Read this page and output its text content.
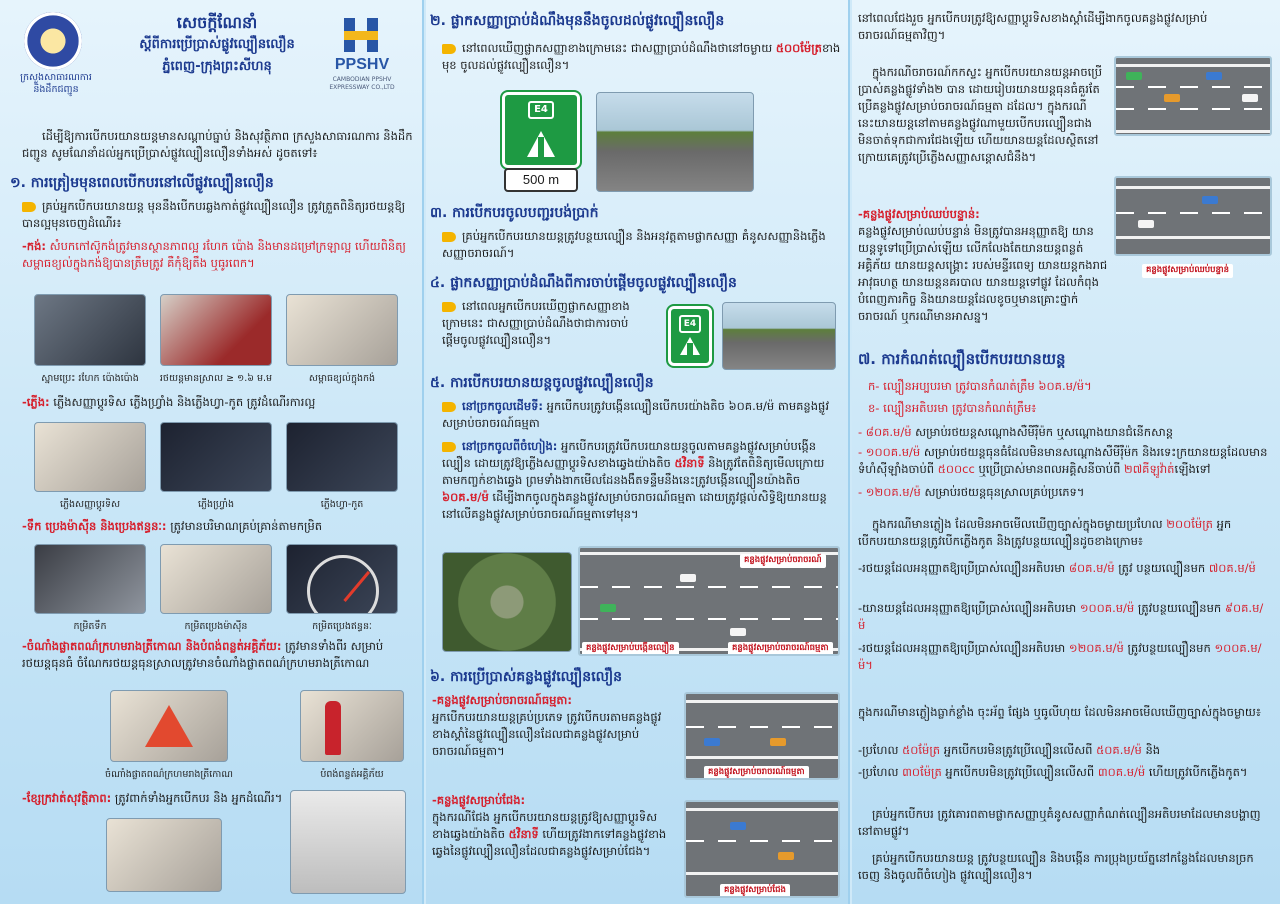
ក្រសួងសាធារណការ
និងដឹកជញ្ជូន
សេចក្តីណែនាំ
ស្តីពីការប្រើប្រាស់ផ្លូវល្បឿនលឿន
ភ្នំពេញ-ក្រុងព្រះសីហនុ	PPSHV
CAMBODIAN PPSHV EXPRESSWAY CO.,LTD

ដើម្បីឱ្យការបើកបរយានយន្តមានសណ្តាប់ធ្នាប់ និងសុវត្ថិភាព ក្រសួងសាធារណការ និងដឹកជញ្ជូន សូមណែនាំដល់អ្នកប្រើប្រាស់ផ្លូវល្បឿនលឿនទាំងអស់ ដូចតទៅ៖

១. ការត្រៀមមុនពេលបើកបរនៅលើផ្លូវល្បឿនលឿន

គ្រប់អ្នកបើកបរយានយន្ត មុននឹងបើកបរឆ្លងកាត់ផ្លូវល្បឿនលឿន ត្រូវត្រួតពិនិត្យរថយន្តឱ្យបានល្អមុនចេញដំណើរ៖

-កង់: សំបកកៅស៊ូកង់ត្រូវមានស្ថានភាពល្អ រហែក ប៉ោង និងមានដម្រៅក្រឡាល្អ ហើយពិនិត្យសម្ពាធខ្យល់ក្នុងកង់ឱ្យបានត្រឹមត្រូវ គឺកុំឱ្យតឹង ឬធូរពេក។

ស្នាមប្រេះ រហែក ប៉ោងប៉ោង	រថយន្តមានស្រាល ≥ ១.៦ ម.ម	សម្ពាធខ្យល់ក្នុងកង់

-ភ្លើង: ភ្លើងសញ្ញាប្តូរទិស ភ្លើងហ្វ្រាំង និងភ្លើងហ្វា-កូត ត្រូវដំណើរការល្អ

ភ្លើងសញ្ញាប្តូរទិស	ភ្លើងហ្វ្រាំង	ភ្លើងហ្វា-កូត

-ទឹក ប្រេងម៉ាស៊ីន និងប្រេងឥន្ធនៈ: ត្រូវមានបរិមាណគ្រប់គ្រាន់តាមកម្រិត

កម្រិតទឹក	កម្រិតប្រេងម៉ាស៊ីន	កម្រិតប្រេងឥន្ធនៈ

-ចំណាំងផ្លាតពណ៌ក្រហមរាងត្រីកោណ និងបំពង់ពន្លត់អគ្គិភ័យ: ត្រូវមានទាំងពីរ សម្រាប់រថយន្តធុនធំ ចំណែករថយន្តធុនស្រាលត្រូវមានចំណាំងផ្លាតពណ៌ក្រហមរាងត្រីកោណ

ចំណាំងផ្លាតពណ៌ក្រហមរាងត្រីកោណ	បំពង់ពន្លត់អគ្គិភ័យ

-ខ្សែក្រវាត់សុវត្ថិភាព: ត្រូវពាក់ទាំងអ្នកបើកបរ និង អ្នកដំណើរ។

២. ផ្លាកសញ្ញាប្រាប់ដំណឹងមុននឹងចូលដល់ផ្លូវល្បឿនលឿន

នៅពេលឃើញផ្លាកសញ្ញាខាងក្រោមនេះ ជាសញ្ញាប្រាប់ដំណឹងថានៅចម្ងាយ ៥០០ម៉ែត្រខាងមុខ ចូលដល់ផ្លូវល្បឿនលឿន។

E4
500 m
៣. ការបើកបរចូលបញ្ជរបង់ប្រាក់

គ្រប់អ្នកបើកបរយានយន្តត្រូវបន្ថយល្បឿន និងអនុវត្តតាមផ្លាកសញ្ញា គំនូសសញ្ញានិងភ្លើងសញ្ញាចរាចរណ៍។

៤. ផ្លាកសញ្ញាប្រាប់ដំណឹងពីការចាប់ផ្តើមចូលផ្លូវល្បឿនលឿន

នៅពេលអ្នកបើកបរឃើញផ្លាកសញ្ញាខាងក្រោមនេះ ជាសញ្ញាប្រាប់ដំណឹងថាជាការចាប់ផ្តើមចូលផ្លូវល្បឿនលឿន។

E4
៥. ការបើកបរយានយន្តចូលផ្លូវល្បឿនលឿន

នៅច្រកចូលដើមទី: អ្នកបើកបរត្រូវបង្កើនល្បឿនបើកបរយ៉ាងតិច ៦០គ.ម/ម៉ តាមគន្លងផ្លូវសម្រាប់ចរាចរណ៍ធម្មតា

នៅច្រកចូលពីចំហៀង: អ្នកបើកបរត្រូវបើកបរយានយន្តចូលតាមគន្លងផ្លូវសម្រាប់បង្កើនល្បឿន ដោយត្រូវឱ្យភ្លើងសញ្ញាប្តូរទិសខាងឆ្វេងយ៉ាងតិច ៥វិនាទី និងត្រូវតែពិនិត្យមើលក្រោយតាមកញ្ចក់ខាងឆ្វេង ព្រមទាំងងាកមើលដែនងងឹតទន្ទឹមនឹងនេះត្រូវបង្កើនល្បឿនយ៉ាងតិច ៦០គ.ម/ម៉ ដើម្បីងាកចូលក្នុងគន្លងផ្លូវសម្រាប់ចរាចរណ៍ធម្មតា ដោយត្រូវផ្តល់សិទ្ធិឱ្យយានយន្តនៅលើគន្លងផ្លូវសម្រាប់ចរាចរណ៍ធម្មតាទៅមុន។

គន្លងផ្លូវសម្រាប់ចរាចរណ៍
គន្លងផ្លូវសម្រាប់បង្កើនល្បឿន	គន្លងផ្លូវសម្រាប់ចរាចរណ៍ធម្មតា
៦. ការប្រើប្រាស់គន្លងផ្លូវល្បឿនលឿន

-គន្លងផ្លូវសម្រាប់ចរាចរណ៍ធម្មតា:
អ្នកបើកបរយានយន្តគ្រប់ប្រភេទ ត្រូវបើកបរតាមគន្លងផ្លូវខាងស្តាំនៃផ្លូវល្បឿនលឿនដែលជាគន្លងផ្លូវសម្រាប់ចរាចរណ៍ធម្មតា។

គន្លងផ្លូវសម្រាប់ចរាចរណ៍ធម្មតា

-គន្លងផ្លូវសម្រាប់ជែង:
ក្នុងករណីជែង អ្នកបើកបរយានយន្តត្រូវឱ្យសញ្ញាប្តូរទិសខាងឆ្វេងយ៉ាងតិច ៥វិនាទី ហើយត្រូវងាកទៅគន្លងផ្លូវខាងឆ្វេងនៃផ្លូវល្បឿនលឿនដែលជាគន្លងផ្លូវសម្រាប់ជែង។

គន្លងផ្លូវសម្រាប់ជែង

នៅពេលជែងរួច អ្នកបើកបរត្រូវឱ្យសញ្ញាប្តូរទិសខាងស្តាំដើម្បីងាកចូលគន្លងផ្លូវសម្រាប់ចរាចរណ៍ធម្មតាវិញ។

ក្នុងករណីចរាចរណ៍កកស្ទះ អ្នកបើកបរយានយន្តអាចប្រើប្រាស់គន្លងផ្លូវទាំង២ បាន ដោយរៀបរយានយន្តធុនធំគួរតែប្រើគន្លងផ្លូវសម្រាប់ចរាចរណ៍ធម្មតា ដដែល។ ក្នុងករណីនេះយានយន្តនៅតាមគន្លងផ្លូវណាមួយបើកបរល្បឿនជាងមិនចាត់ទុកជាការជែងឡើយ ហើយយានយន្តដែលស្ថិតនៅក្រោយគេត្រូវប្រើភ្លើងសញ្ញាសន្តោសជំនឹង។

គន្លងផ្លូវសម្រាប់ឈប់បន្ទាន់

-គន្លងផ្លូវសម្រាប់ឈប់បន្ទាន់:
គន្លងផ្លូវសម្រាប់ឈប់បន្ទាន់ មិនត្រូវបានអនុញ្ញាតឱ្យ យានយន្តទូទៅប្រើប្រាស់ឡើយ លើកលែងតែយានយន្តពន្លត់អគ្គិភ័យ យានយន្តសង្គ្រោះ របស់មន្ទីរពេទ្យ យានយន្តកងរាជអាវុធហត្ថ យានយន្តនគរបាល យានយន្តទៅផ្លូវ ដែលកំពុងបំពេញភារកិច្ច និងយានយន្តដែលខូចឬមានគ្រោះថ្នាក់ចរាចរណ៍ ឬករណីមានអាសន្ន។

៧. ការកំណត់ល្បឿនបើកបរយានយន្ត

ក- ល្បឿនអប្បបរមា ត្រូវបានកំណត់ត្រឹម ៦០គ.ម/ម៉។

ខ- ល្បឿនអតិបរមា ត្រូវបានកំណត់ត្រឹម៖

- ៨០គ.ម/ម៉ សម្រាប់រថយន្តសណ្តោងសឺមីរ៉ឺម៉ក ឬសណ្តោងយានជំនើកសាន្ត

- ១០០គ.ម/ម៉ សម្រាប់រថយន្តធុនធំដែលមិនមានសណ្តោងសឺមីរ៉ឺម៉ក និងរទេះក្រយានយន្តដែលមានទំហំស៊ីឡាំងចាប់ពី ៥០០cc ឬប្រើប្រាស់មានពលអគ្គិសនីចាប់ពី ២៧គីឡូវ៉ាត់ឡើងទៅ

- ១២០គ.ម/ម៉ សម្រាប់រថយន្តធុនស្រាលគ្រប់ប្រភេទ។

ក្នុងករណីមានភ្លៀង ដែលមិនអាចមើលឃើញច្បាស់ក្នុងចម្ងាយប្រហែល ២០០ម៉ែត្រ អ្នកបើកបរយានយន្តត្រូវបើកភ្លើងកូត និងត្រូវបន្ថយល្បឿនដូចខាងក្រោម៖

-រថយន្តដែលអនុញ្ញាតឱ្យប្រើប្រាស់ល្បឿនអតិបរមា ៨០គ.ម/ម៉ ត្រូវ បន្ថយល្បឿនមក ៧០គ.ម/ម៉

-យានយន្តដែលអនុញ្ញាតឱ្យប្រើប្រាស់ល្បឿនអតិបរមា ១០០គ.ម/ម៉ ត្រូវបន្ថយល្បឿនមក ៩០គ.ម/ម៉

-រថយន្តដែលអនុញ្ញាតឱ្យប្រើប្រាស់ល្បឿនអតិបរមា ១២០គ.ម/ម៉ ត្រូវបន្ថយល្បឿនមក ១០០គ.ម/ម៉។

ក្នុងករណីមានភ្លៀងធ្លាក់ខ្លាំង ចុះអ័ព្ទ ផ្សែង ឬធូលីហុយ ដែលមិនអាចមើលឃើញច្បាស់ក្នុងចម្ងាយ៖

-ប្រហែល ៥០ម៉ែត្រ អ្នកបើកបរមិនត្រូវប្រើល្បឿនលើសពី ៥០គ.ម/ម៉ និង

-ប្រហែល ៣០ម៉ែត្រ អ្នកបើកបរមិនត្រូវប្រើល្បឿនលើសពី ៣០គ.ម/ម៉ ហើយត្រូវបើកភ្លើងកូត។

គ្រប់អ្នកបើកបរ ត្រូវគោរពតាមផ្លាកសញ្ញាឬគំនូសសញ្ញាកំណត់ល្បឿនអតិបរមាដែលមានបង្ហាញនៅតាមផ្លូវ។

គ្រប់អ្នកបើកបរយានយន្ត ត្រូវបន្ថយល្បឿន និងបង្កើន ការប្រុងប្រយ័ត្ននៅកន្លែងដែលមានច្រកចេញ និងចូលពីចំហៀង ផ្លូវល្បឿនលឿន។
